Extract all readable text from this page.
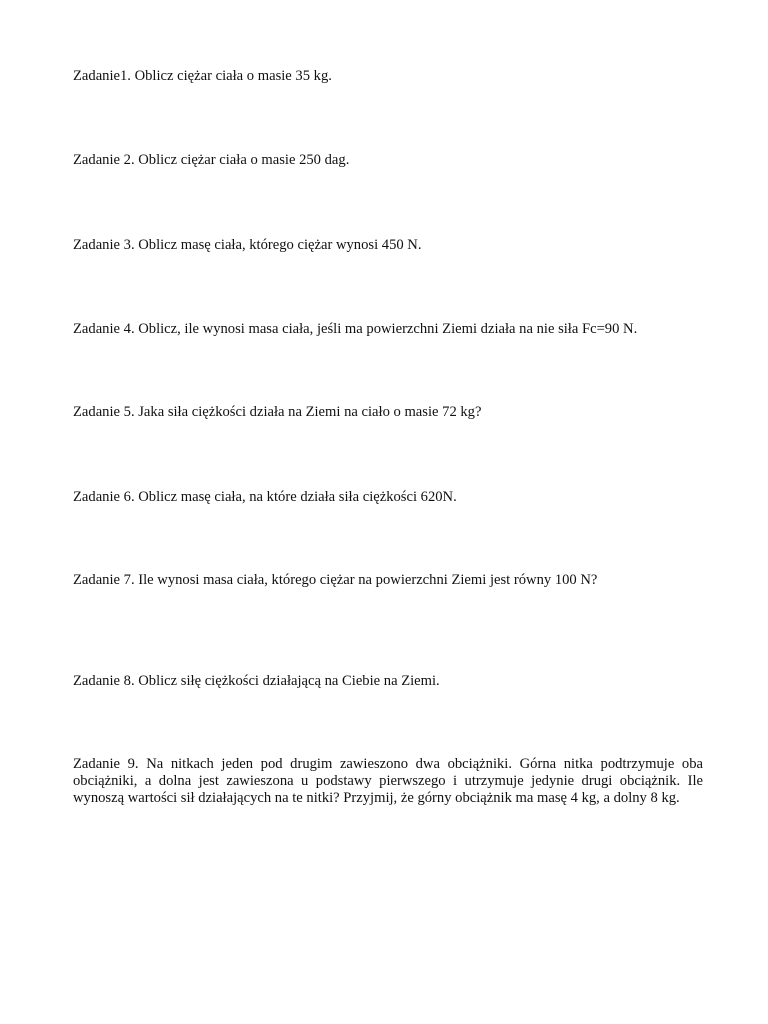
Zadanie1. Oblicz ciężar ciała o masie 35 kg.

Zadanie 2. Oblicz ciężar ciała o masie 250 dag.

Zadanie 3. Oblicz masę ciała, którego ciężar wynosi 450 N.

Zadanie 4. Oblicz, ile wynosi masa ciała, jeśli ma powierzchni Ziemi działa na nie siła Fc=90 N.

Zadanie 5. Jaka siła ciężkości działa na Ziemi na ciało o masie 72 kg?

Zadanie 6. Oblicz masę ciała, na które działa siła ciężkości 620N.

Zadanie 7. Ile wynosi masa ciała, którego ciężar na powierzchni Ziemi jest równy 100 N?

Zadanie 8. Oblicz siłę ciężkości działającą na Ciebie na Ziemi.

Zadanie 9. Na nitkach jeden pod drugim zawieszono dwa obciążniki. Górna nitka podtrzymuje oba obciążniki, a dolna jest zawieszona u podstawy pierwszego i utrzymuje jedynie drugi obciążnik. Ile wynoszą wartości sił działających na te nitki? Przyjmij, że górny obciążnik ma masę 4 kg, a dolny 8 kg.
